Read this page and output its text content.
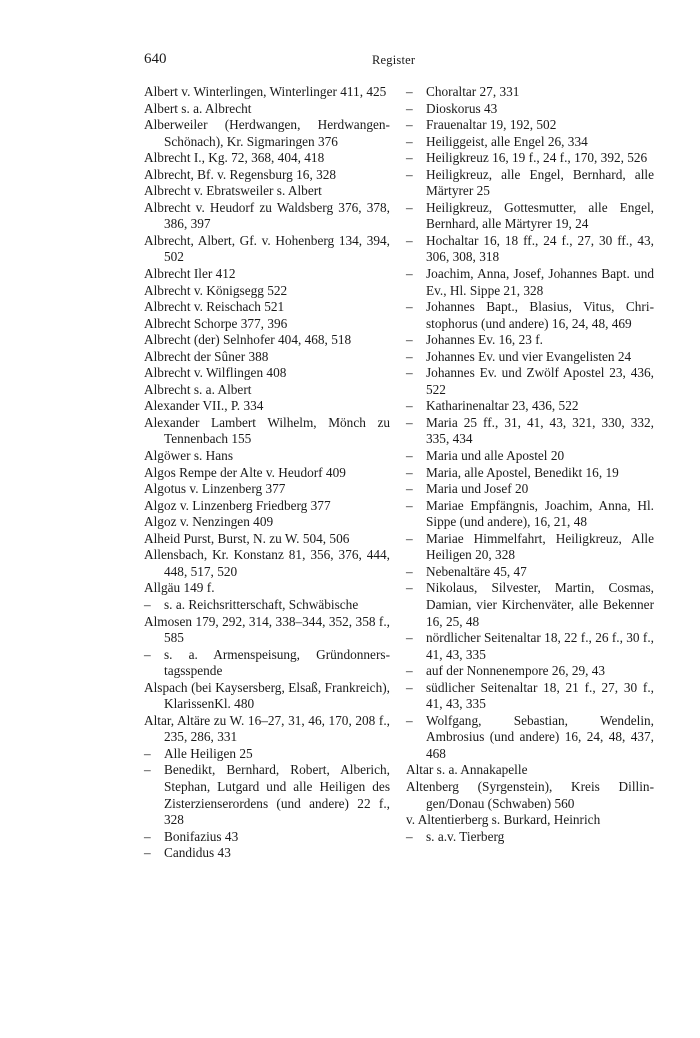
640	Register
Albert v. Winterlingen, Winterlinger 411, 425
Albert s. a. Albrecht
Alberweiler (Herdwangen, Herdwangen-Schönach), Kr. Sigmaringen 376
Albrecht I., Kg. 72, 368, 404, 418
Albrecht, Bf. v. Regensburg 16, 328
Albrecht v. Ebratsweiler s. Albert
Albrecht v. Heudorf zu Waldsberg 376, 378, 386, 397
Albrecht, Albert, Gf. v. Hohenberg 134, 394, 502
Albrecht Iler 412
Albrecht v. Königsegg 522
Albrecht v. Reischach 521
Albrecht Schorpe 377, 396
Albrecht (der) Selnhofer 404, 468, 518
Albrecht der Sûner 388
Albrecht v. Wilflingen 408
Albrecht s. a. Albert
Alexander VII., P. 334
Alexander Lambert Wilhelm, Mönch zu Tennenbach 155
Algöwer s. Hans
Algos Rempe der Alte v. Heudorf 409
Algotus v. Linzenberg 377
Algoz v. Linzenberg Friedberg 377
Algoz v. Nenzingen 409
Alheid Purst, Burst, N. zu W. 504, 506
Allensbach, Kr. Konstanz 81, 356, 376, 444, 448, 517, 520
Allgäu 149 f.
– s. a. Reichsritterschaft, Schwäbische
Almosen 179, 292, 314, 338–344, 352, 358 f., 585
– s. a. Armenspeisung, Gründonnerstagsspende
Alspach (bei Kaysersberg, Elsaß, Frankreich), KlarissenKl. 480
Altar, Altäre zu W. 16–27, 31, 46, 170, 208 f., 235, 286, 331
– Alle Heiligen 25
– Benedikt, Bernhard, Robert, Alberich, Stephan, Lutgard und alle Heiligen des Zisterzienserordens (und andere) 22 f., 328
– Bonifazius 43
– Candidus 43
– Choraltar 27, 331
– Dioskorus 43
– Frauenaltar 19, 192, 502
– Heiliggeist, alle Engel 26, 334
– Heiligkreuz 16, 19 f., 24 f., 170, 392, 526
– Heiligkreuz, alle Engel, Bernhard, alle Märtyrer 25
– Heiligkreuz, Gottesmutter, alle Engel, Bernhard, alle Märtyrer 19, 24
– Hochaltar 16, 18 ff., 24 f., 27, 30 ff., 43, 306, 308, 318
– Joachim, Anna, Josef, Johannes Bapt. und Ev., Hl. Sippe 21, 328
– Johannes Bapt., Blasius, Vitus, Christophorus (und andere) 16, 24, 48, 469
– Johannes Ev. 16, 23 f.
– Johannes Ev. und vier Evangelisten 24
– Johannes Ev. und Zwölf Apostel 23, 436, 522
– Katharinenaltar 23, 436, 522
– Maria 25 ff., 31, 41, 43, 321, 330, 332, 335, 434
– Maria und alle Apostel 20
– Maria, alle Apostel, Benedikt 16, 19
– Maria und Josef 20
– Mariae Empfängnis, Joachim, Anna, Hl. Sippe (und andere), 16, 21, 48
– Mariae Himmelfahrt, Heiligkreuz, Alle Heiligen 20, 328
– Nebenaltäre 45, 47
– Nikolaus, Silvester, Martin, Cosmas, Damian, vier Kirchenväter, alle Bekenner 16, 25, 48
– nördlicher Seitenaltar 18, 22 f., 26 f., 30 f., 41, 43, 335
– auf der Nonnenempore 26, 29, 43
– südlicher Seitenaltar 18, 21 f., 27, 30 f., 41, 43, 335
– Wolfgang, Sebastian, Wendelin, Ambrosius (und andere) 16, 24, 48, 437, 468
Altar s. a. Annakapelle
Altenberg (Syrgenstein), Kreis Dillingen/Donau (Schwaben) 560
v. Altentierberg s. Burkard, Heinrich
– s. a.v. Tierberg
